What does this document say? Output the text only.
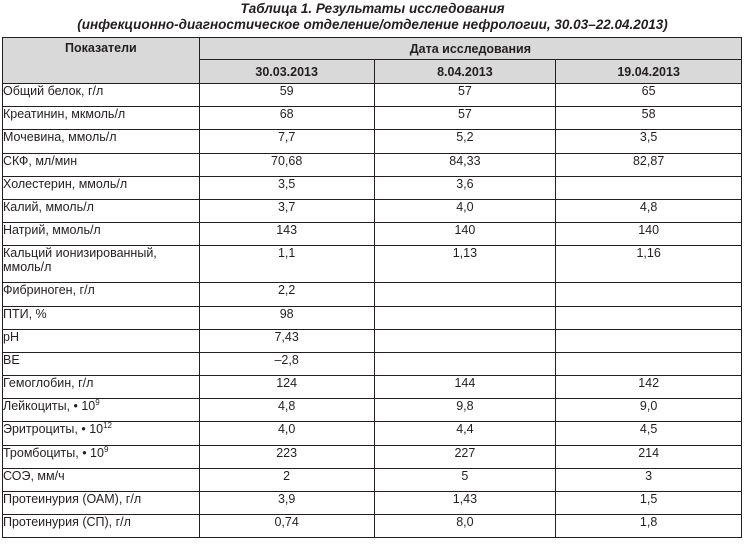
Таблица 1. Результаты исследования
(инфекционно-диагностическое отделение/отделение нефрологии, 30.03–22.04.2013)
Показатели	Дата исследования		
	30.03.2013	8.04.2013	19.04.2013
Общий белок, г/л	59	57	65
Креатинин, мкмоль/л	68	57	58
Мочевина, ммоль/л	7,7	5,2	3,5
СКФ, мл/мин	70,68	84,33	82,87
Холестерин, ммоль/л	3,5	3,6	
Калий, ммоль/л	3,7	4,0	4,8
Натрий, ммоль/л	143	140	140
Кальций ионизированный, ммоль/л	1,1	1,13	1,16
Фибриноген, г/л	2,2		
ПТИ, %	98		
pH	7,43		
BE	–2,8		
Гемоглобин, г/л	124	144	142
Лейкоциты, • $10^9$	4,8	9,8	9,0
Эритроциты, • $10^{12}$	4,0	4,4	4,5
Тромбоциты, • $10^9$	223	227	214
СОЭ, мм/ч	2	5	3
Протеинурия (ОАМ), г/л	3,9	1,43	1,5
Протеинурия (СП), г/л	0,74	8,0	1,8
